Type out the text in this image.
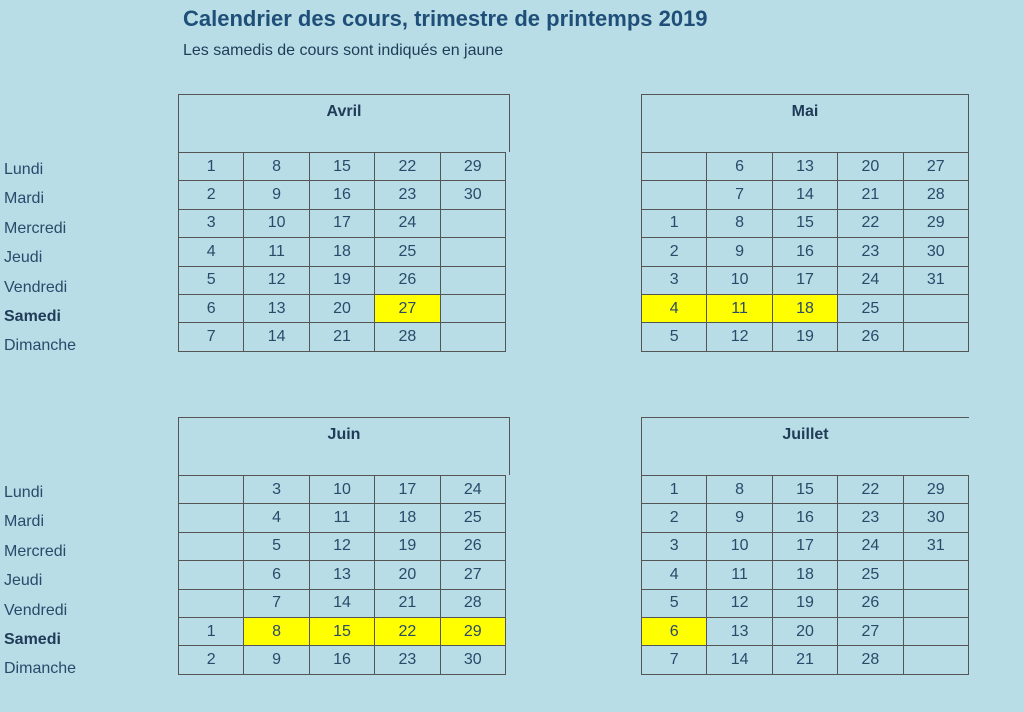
Calendrier des cours, trimestre de printemps 2019
Les samedis de cours sont indiqués en jaune
Lundi
Mardi
Mercredi
Jeudi
Vendredi
Samedi
Dimanche
Lundi
Mardi
Mercredi
Jeudi
Vendredi
Samedi
Dimanche
Avril
1	8	15	22	29
2	9	16	23	30
3	10	17	24	
4	11	18	25	
5	12	19	26	
6	13	20	27	
7	14	21	28	
Mai
	6	13	20	27
	7	14	21	28
1	8	15	22	29
2	9	16	23	30
3	10	17	24	31
4	11	18	25	
5	12	19	26	
Juin
	3	10	17	24
	4	11	18	25
	5	12	19	26
	6	13	20	27
	7	14	21	28
1	8	15	22	29
2	9	16	23	30
Juillet
1	8	15	22	29
2	9	16	23	30
3	10	17	24	31
4	11	18	25	
5	12	19	26	
6	13	20	27	
7	14	21	28	
